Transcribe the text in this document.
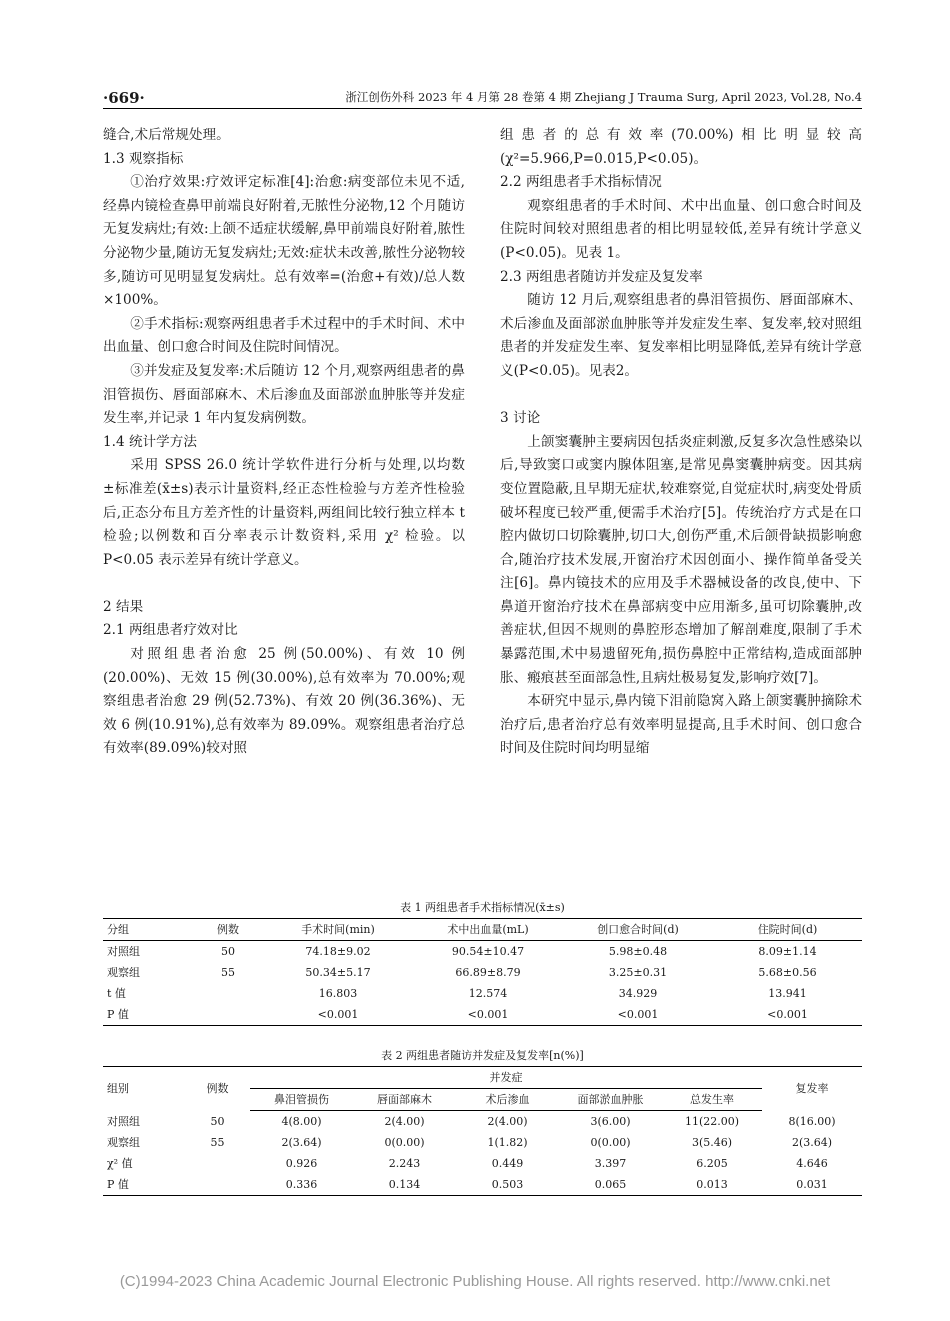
·669·	浙江创伤外科 2023 年 4 月第 28 卷第 4 期 Zhejiang J Trauma Surg, April 2023, Vol.28, No.4

缝合,术后常规处理。

1.3 观察指标

①治疗效果:疗效评定标准[4]:治愈:病变部位未见不适,经鼻内镜检查鼻甲前端良好附着,无脓性分泌物,12 个月随访无复发病灶;有效:上颌不适症状缓解,鼻甲前端良好附着,脓性分泌物少量,随访无复发病灶;无效:症状未改善,脓性分泌物较多,随访可见明显复发病灶。总有效率=(治愈+有效)/总人数×100%。

②手术指标:观察两组患者手术过程中的手术时间、术中出血量、创口愈合时间及住院时间情况。

③并发症及复发率:术后随访 12 个月,观察两组患者的鼻泪管损伤、唇面部麻木、术后渗血及面部淤血肿胀等并发症发生率,并记录 1 年内复发病例数。

1.4 统计学方法

采用 SPSS 26.0 统计学软件进行分析与处理,以均数±标准差(x̄±s)表示计量资料,经正态性检验与方差齐性检验后,正态分布且方差齐性的计量资料,两组间比较行独立样本 t 检验;以例数和百分率表示计数资料,采用 χ² 检验。以 P<0.05 表示差异有统计学意义。

2 结果

2.1 两组患者疗效对比

对照组患者治愈 25 例(50.00%)、有效 10 例(20.00%)、无效 15 例(30.00%),总有效率为 70.00%;观察组患者治愈 29 例(52.73%)、有效 20 例(36.36%)、无效 6 例(10.91%),总有效率为 89.09%。观察组患者治疗总有效率(89.09%)较对照

组患者的总有效率(70.00%)相比明显较高(χ²=5.966,P=0.015,P<0.05)。

2.2 两组患者手术指标情况

观察组患者的手术时间、术中出血量、创口愈合时间及住院时间较对照组患者的相比明显较低,差异有统计学意义(P<0.05)。见表 1。

2.3 两组患者随访并发症及复发率

随访 12 月后,观察组患者的鼻泪管损伤、唇面部麻木、术后渗血及面部淤血肿胀等并发症发生率、复发率,较对照组患者的并发症发生率、复发率相比明显降低,差异有统计学意义(P<0.05)。见表2。

3 讨论

上颌窦囊肿主要病因包括炎症刺激,反复多次急性感染以后,导致窦口或窦内腺体阻塞,是常见鼻窦囊肿病变。因其病变位置隐蔽,且早期无症状,较难察觉,自觉症状时,病变处骨质破坏程度已较严重,便需手术治疗[5]。传统治疗方式是在口腔内做切口切除囊肿,切口大,创伤严重,术后颌骨缺损影响愈合,随治疗技术发展,开窗治疗术因创面小、操作简单备受关注[6]。鼻内镜技术的应用及手术器械设备的改良,使中、下鼻道开窗治疗技术在鼻部病变中应用渐多,虽可切除囊肿,改善症状,但因不规则的鼻腔形态增加了解剖难度,限制了手术暴露范围,术中易遗留死角,损伤鼻腔中正常结构,造成面部肿胀、瘢痕甚至面部急性,且病灶极易复发,影响疗效[7]。

本研究中显示,鼻内镜下泪前隐窝入路上颌窦囊肿摘除术治疗后,患者治疗总有效率明显提高,且手术时间、创口愈合时间及住院时间均明显缩

表 1 两组患者手术指标情况(x̄±s)
分组	例数	手术时间(min)	术中出血量(mL)	创口愈合时间(d)	住院时间(d)
对照组	50	74.18±9.02	90.54±10.47	5.98±0.48	8.09±1.14
观察组	55	50.34±5.17	66.89±8.79	3.25±0.31	5.68±0.56
t 值		16.803	12.574	34.929	13.941
P 值		<0.001	<0.001	<0.001	<0.001
表 2 两组患者随访并发症及复发率[n(%)]
组别	例数	并发症					复发率
		鼻泪管损伤	唇面部麻木	术后渗血	面部淤血肿胀	总发生率	
对照组	50	4(8.00)	2(4.00)	2(4.00)	3(6.00)	11(22.00)	8(16.00)
观察组	55	2(3.64)	0(0.00)	1(1.82)	0(0.00)	3(5.46)	2(3.64)
χ² 值		0.926	2.243	0.449	3.397	6.205	4.646
P 值		0.336	0.134	0.503	0.065	0.013	0.031
(C)1994-2023 China Academic Journal Electronic Publishing House. All rights reserved. http://www.cnki.net
